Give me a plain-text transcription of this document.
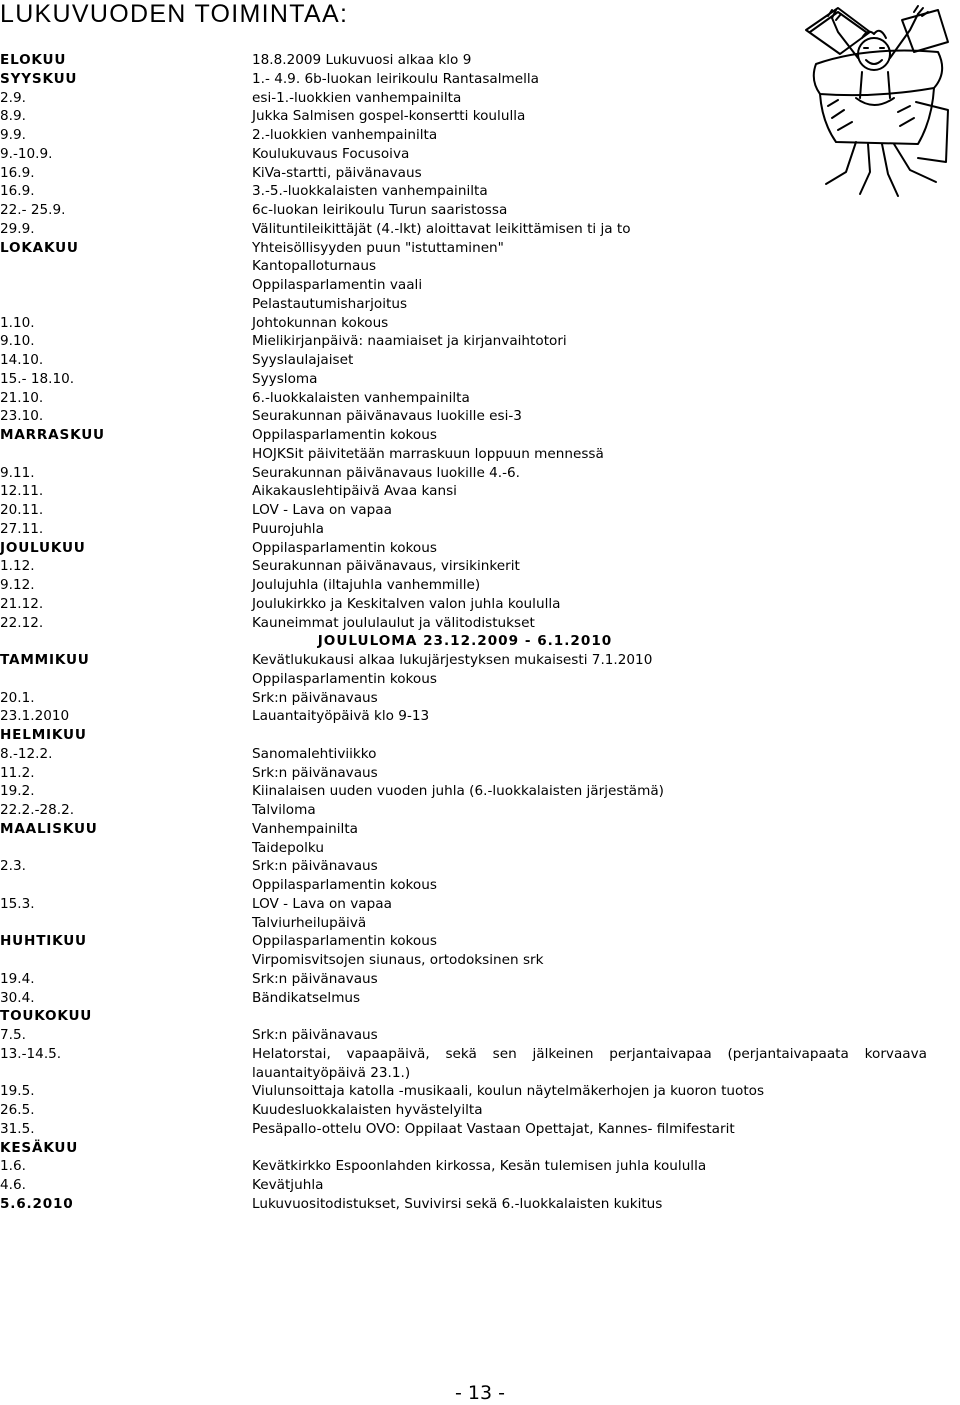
LUKUVUODEN TOIMINTAA:
ELOKUU	18.8.2009 Lukuvuosi alkaa klo 9
SYYSKUU	1.- 4.9. 6b-luokan leirikoulu Rantasalmella
2.9.	esi-1.-luokkien vanhempainilta
8.9.	Jukka Salmisen gospel-konsertti koululla
9.9.	2.-luokkien vanhempainilta
9.-10.9.	Koulukuvaus Focusoiva
16.9.	KiVa-startti, päivänavaus
16.9.	3.-5.-luokkalaisten vanhempainilta
22.- 25.9.	6c-luokan leirikoulu Turun saaristossa
29.9.	Välituntileikittäjät (4.-lkt) aloittavat leikittämisen ti ja to
LOKAKUU	Yhteisöllisyyden puun "istuttaminen"
Kantopalloturnaus
Oppilasparlamentin vaali
Pelastautumisharjoitus
1.10.	Johtokunnan kokous
9.10.	Mielikirjanpäivä: naamiaiset ja kirjanvaihtotori
14.10.	Syyslaulajaiset
15.- 18.10.	Syysloma
21.10.	6.-luokkalaisten vanhempainilta
23.10.	Seurakunnan päivänavaus luokille esi-3
MARRASKUU	Oppilasparlamentin kokous
HOJKSit päivitetään marraskuun loppuun mennessä
9.11.	Seurakunnan päivänavaus luokille 4.-6.
12.11.	Aikakauslehtipäivä Avaa kansi
20.11.	LOV - Lava on vapaa
27.11.	Puurojuhla
JOULUKUU	Oppilasparlamentin kokous
1.12.	Seurakunnan päivänavaus, virsikinkerit
9.12.	Joulujuhla (iltajuhla vanhemmille)
21.12.	Joulukirkko ja Keskitalven valon juhla koululla
22.12.	Kauneimmat joululaulut ja välitodistukset
JOULULOMA 23.12.2009 - 6.1.2010
TAMMIKUU	Kevätlukukausi alkaa lukujärjestyksen mukaisesti 7.1.2010
Oppilasparlamentin kokous
20.1.	Srk:n päivänavaus
23.1.2010	Lauantaityöpäivä klo 9-13
HELMIKUU
8.-12.2.	Sanomalehtiviikko
11.2.	Srk:n päivänavaus
19.2.	Kiinalaisen uuden vuoden juhla (6.-luokkalaisten järjestämä)
22.2.-28.2.	Talviloma
MAALISKUU	Vanhempainilta
Taidepolku
2.3.	Srk:n päivänavaus
Oppilasparlamentin kokous
15.3.	LOV - Lava on vapaa
Talviurheilupäivä
HUHTIKUU	Oppilasparlamentin kokous
Virpomisvitsojen siunaus, ortodoksinen srk
19.4.	Srk:n päivänavaus
30.4.	Bändikatselmus
TOUKOKUU
7.5.	Srk:n päivänavaus
13.-14.5.	Helatorstai, vapaapäivä, sekä sen jälkeinen perjantaivapaa (perjantaivapaata korvaava lauantaityöpäivä 23.1.)
19.5.	Viulunsoittaja katolla -musikaali, koulun näytelmäkerhojen ja kuoron tuotos
26.5.	Kuudesluokkalaisten hyvästelyilta
31.5.	Pesäpallo-ottelu OVO: Oppilaat Vastaan Opettajat, Kannes- filmifestarit
KESÄKUU
1.6.	Kevätkirkko Espoonlahden kirkossa, Kesän tulemisen juhla koululla
4.6.	Kevätjuhla
5.6.2010	Lukuvuositodistukset, Suvivirsi sekä 6.-luokkalaisten kukitus
- 13 -
